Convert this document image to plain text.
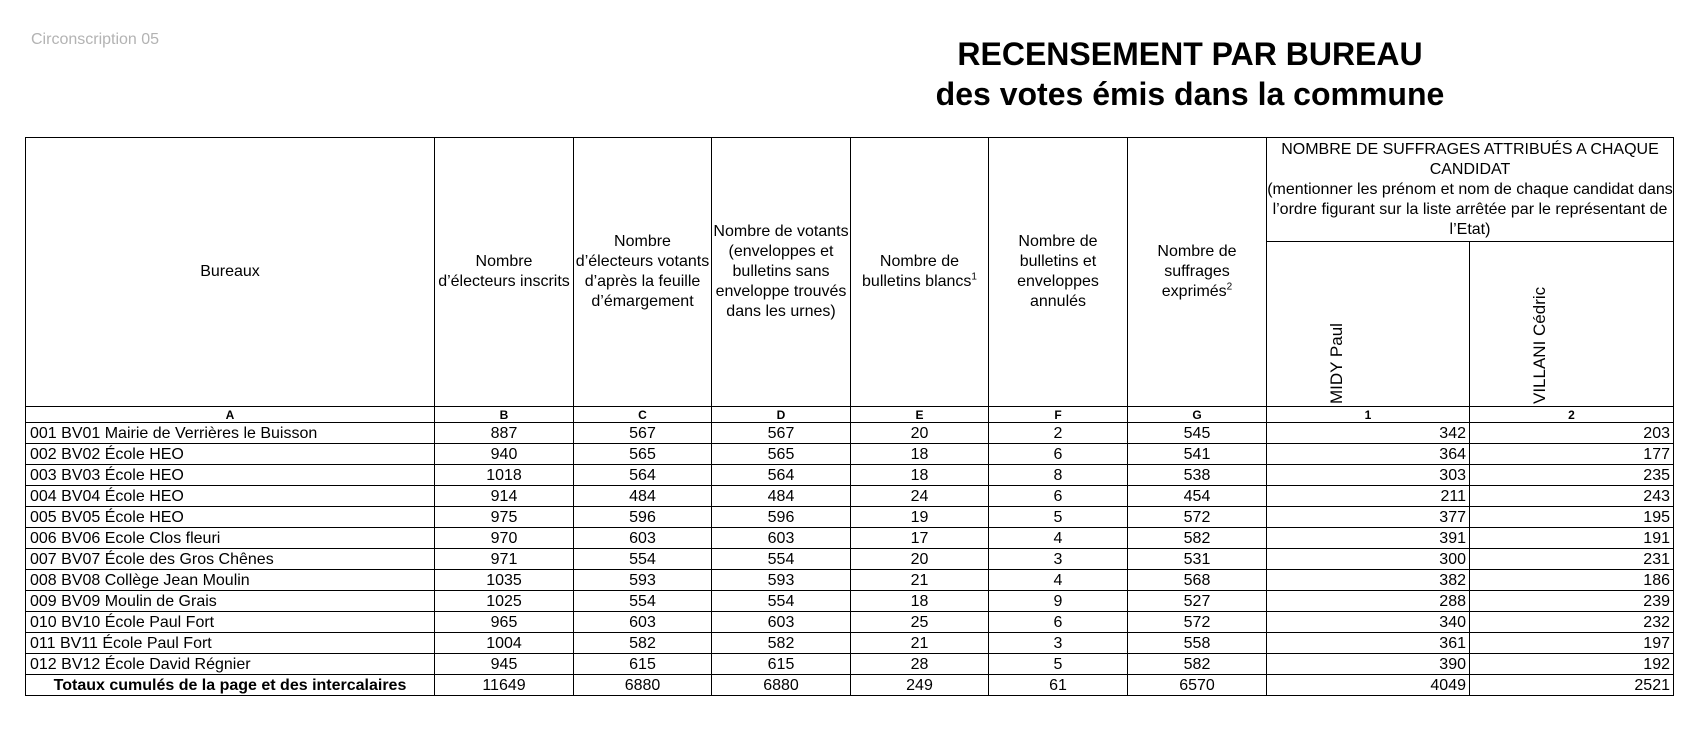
Circonscription 05	RECENSEMENT PAR BUREAU
des votes émis dans la commune
Bureaux	Nombre d’électeurs inscrits	Nombre d’électeurs votants d’après la feuille d’émargement	Nombre de votants (enveloppes et bulletins sans enveloppe trouvés dans les urnes)	Nombre de bulletins blancs$^1$	Nombre de bulletins et enveloppes annulés	Nombre de suffrages exprimés$^2$	NOMBRE DE SUFFRAGES ATTRIBUÉS A CHAQUE CANDIDAT
(mentionner les prénom et nom de chaque candidat dans l’ordre figurant sur la liste arrêtée par le représentant de l’Etat)	

							MIDY Paul	VILLANI Cédric

A	B	C	D	E	F	G	1	2
001 BV01 Mairie de Verrières le Buisson	887	567	567	20	2	545	342	203
002 BV02 École HEO	940	565	565	18	6	541	364	177
003 BV03 École HEO	1018	564	564	18	8	538	303	235
004 BV04 École HEO	914	484	484	24	6	454	211	243
005 BV05 École HEO	975	596	596	19	5	572	377	195
006 BV06 Ecole Clos fleuri	970	603	603	17	4	582	391	191
007 BV07 École des Gros Chênes	971	554	554	20	3	531	300	231
008 BV08 Collège Jean Moulin	1035	593	593	21	4	568	382	186
009 BV09 Moulin de Grais	1025	554	554	18	9	527	288	239
010 BV10 École Paul Fort	965	603	603	25	6	572	340	232
011 BV11 École Paul Fort	1004	582	582	21	3	558	361	197
012 BV12 École David Régnier	945	615	615	28	5	582	390	192
Totaux cumulés de la page et des intercalaires	11649	6880	6880	249	61	6570	4049	2521
